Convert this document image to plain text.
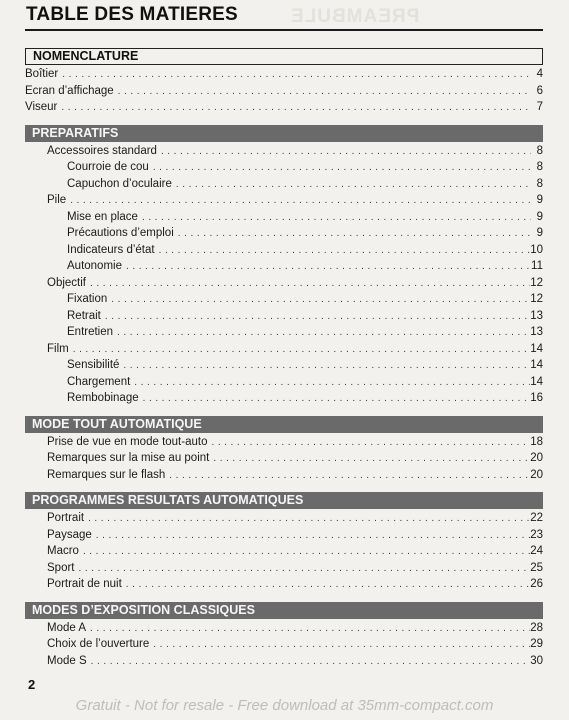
PREAMBULE
TABLE DES MATIERES
NOMENCLATURE
Boîtier . . .	4
Ecran d’affichage . . .	6
Viseur . . .	7
PREPARATIFS
Accessoires standard . . .	8
Courroie de cou . . .	8
Capuchon d’oculaire . . .	8
Pile . . .	9
Mise en place . . .	9
Précautions d’emploi . . .	9
Indicateurs d’état . . .	10
Autonomie . . .	11
Objectif . . .	12
Fixation . . .	12
Retrait . . .	13
Entretien . . .	13
Film . . .	14
Sensibilité . . .	14
Chargement . . .	14
Rembobinage . . .	16
MODE TOUT AUTOMATIQUE
Prise de vue en mode tout-auto . . .	18
Remarques sur la mise au point . . .	20
Remarques sur le flash . . .	20
PROGRAMMES RESULTATS AUTOMATIQUES
Portrait . . .	22
Paysage . . .	23
Macro . . .	24
Sport . . .	25
Portrait de nuit . . .	26
MODES D’EXPOSITION CLASSIQUES
Mode A . . .	28
Choix de l’ouverture . . .	29
Mode S . . .	30
2
Gratuit - Not for resale - Free download at 35mm-compact.com
